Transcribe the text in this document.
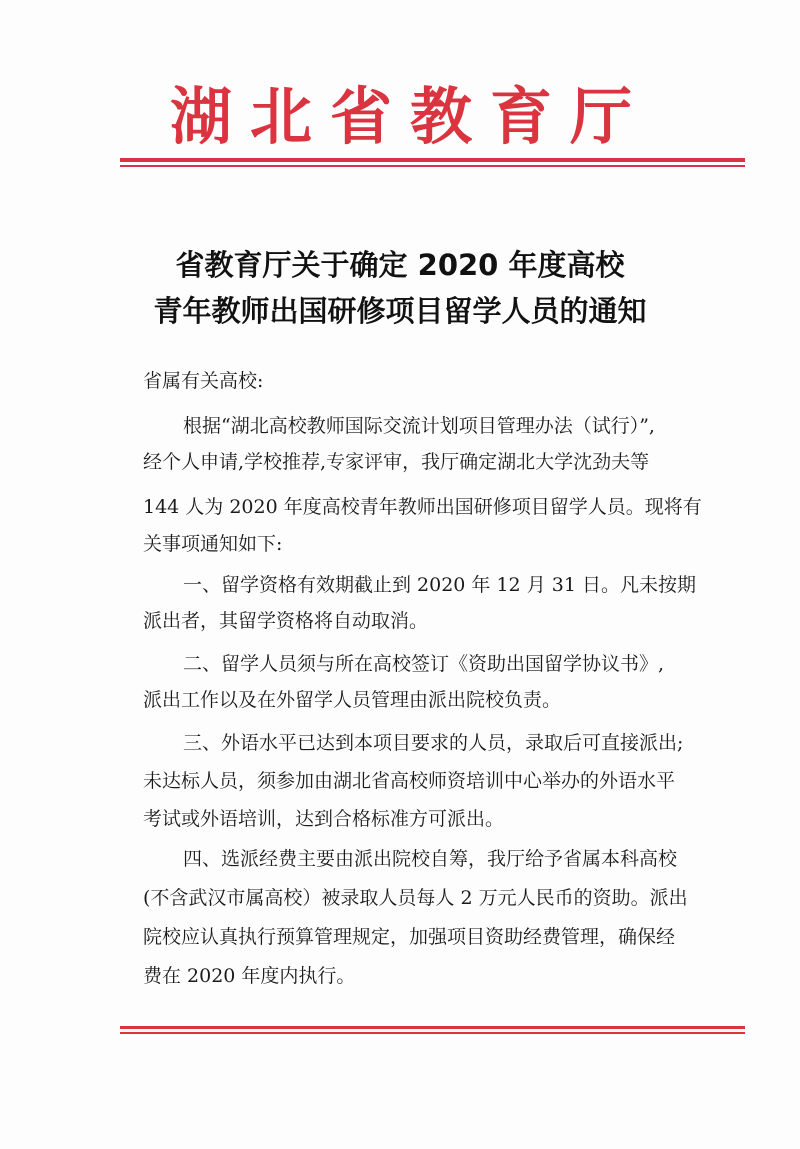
湖北省教育厅
省教育厅关于确定 2020 年度高校
青年教师出国研修项目留学人员的通知
省属有关高校:
根据“湖北高校教师国际交流计划项目管理办法（试行）”,
经个人申请,学校推荐,专家评审，我厅确定湖北大学沈劲夫等
144 人为 2020 年度高校青年教师出国研修项目留学人员。现将有
关事项通知如下:
一、留学资格有效期截止到 2020 年 12 月 31 日。凡未按期
派出者，其留学资格将自动取消。
二、留学人员须与所在高校签订《资助出国留学协议书》,
派出工作以及在外留学人员管理由派出院校负责。
三、外语水平已达到本项目要求的人员，录取后可直接派出;
未达标人员，须参加由湖北省高校师资培训中心举办的外语水平
考试或外语培训，达到合格标准方可派出。
四、选派经费主要由派出院校自筹，我厅给予省属本科高校
(不含武汉市属高校）被录取人员每人 2 万元人民币的资助。派出
院校应认真执行预算管理规定，加强项目资助经费管理，确保经
费在 2020 年度内执行。
